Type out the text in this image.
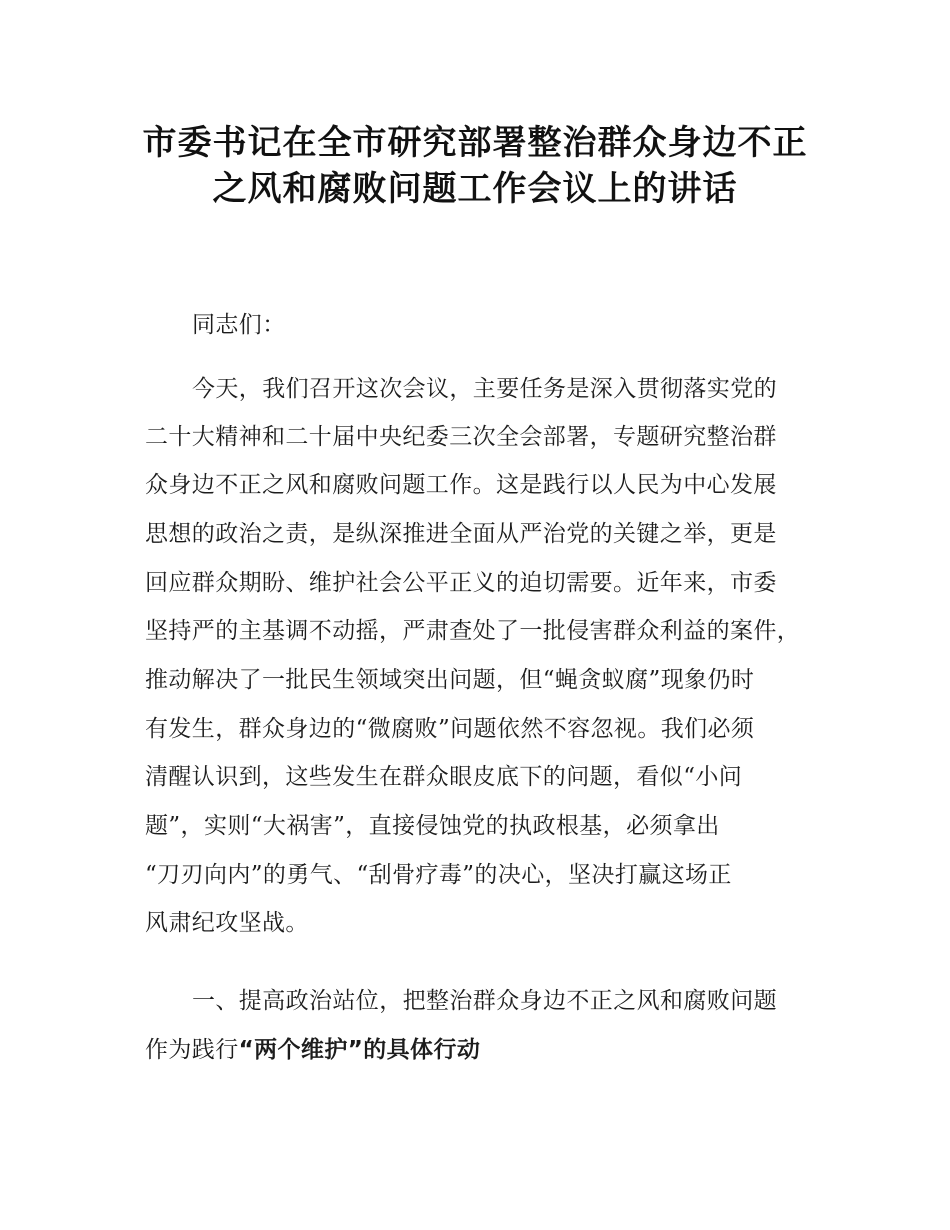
市委书记在全市研究部署整治群众身边不正
之风和腐败问题工作会议上的讲话
同志们：
今天，我们召开这次会议，主要任务是深入贯彻落实党的
二十大精神和二十届中央纪委三次全会部署，专题研究整治群
众身边不正之风和腐败问题工作。这是践行以人民为中心发展
思想的政治之责，是纵深推进全面从严治党的关键之举，更是
回应群众期盼、维护社会公平正义的迫切需要。近年来，市委
坚持严的主基调不动摇，严肃查处了一批侵害群众利益的案件，
推动解决了一批民生领域突出问题，但“蝇贪蚁腐”现象仍时
有发生，群众身边的“微腐败”问题依然不容忽视。我们必须
清醒认识到，这些发生在群众眼皮底下的问题，看似“小问
题”，实则“大祸害”，直接侵蚀党的执政根基，必须拿出
“刀刃向内”的勇气、“刮骨疗毒”的决心，坚决打赢这场正
风肃纪攻坚战。
一、提高政治站位，把整治群众身边不正之风和腐败问题
作为践行“两个维护”的具体行动
